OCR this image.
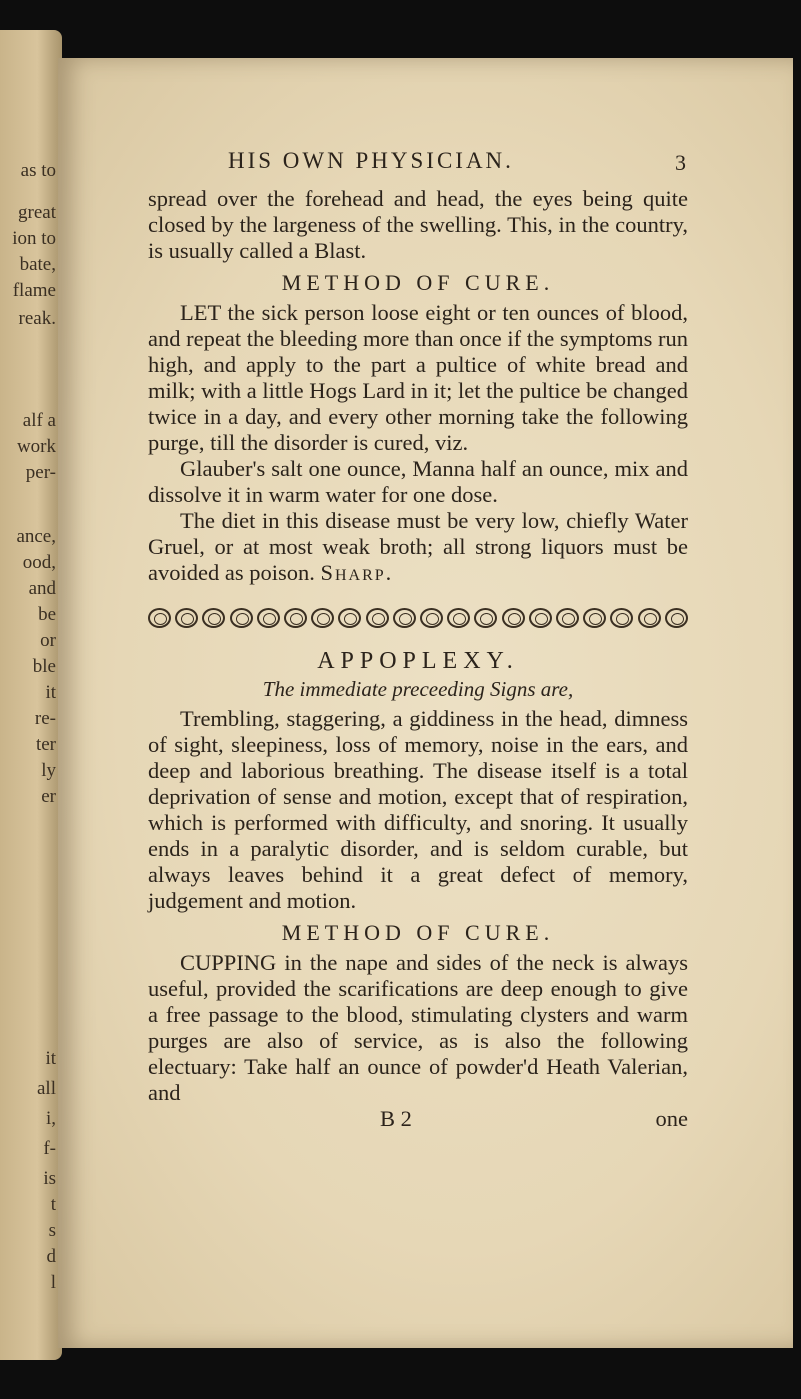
as to
great
ion to
bate,
flame
reak.
alf a
work
per-
ance,
ood,
and
be
or
ble
it
re-
ter
ly
er
it
all
i,
f-
is
t
s
d
l
HIS OWN PHYSICIAN.	3

spread over the forehead and head, the eyes being quite closed by the largeness of the swelling. This, in the country, is usually called a Blast.

METHOD OF CURE.

LET the sick person loose eight or ten ounces of blood, and repeat the bleeding more than once if the symptoms run high, and apply to the part a pultice of white bread and milk; with a little Hogs Lard in it; let the pultice be changed twice in a day, and every other morning take the following purge, till the disorder is cured, viz.

Glauber's salt one ounce, Manna half an ounce, mix and dissolve it in warm water for one dose.

The diet in this disease must be very low, chiefly Water Gruel, or at most weak broth; all strong liquors must be avoided as poison. Sharp.

APPOPLEXY.
The immediate preceeding Signs are,

Trembling, staggering, a giddiness in the head, dimness of sight, sleepiness, loss of memory, noise in the ears, and deep and laborious breathing. The disease itself is a total deprivation of sense and motion, except that of respiration, which is performed with difficulty, and snoring. It usually ends in a paralytic disorder, and is seldom curable, but always leaves behind it a great defect of memory, judgement and motion.

METHOD OF CURE.

CUPPING in the nape and sides of the neck is always useful, provided the scarifications are deep enough to give a free passage to the blood, stimulating clysters and warm purges are also of service, as is also the following electuary: Take half an ounce of powder'd Heath Valerian, and

B 2	one
